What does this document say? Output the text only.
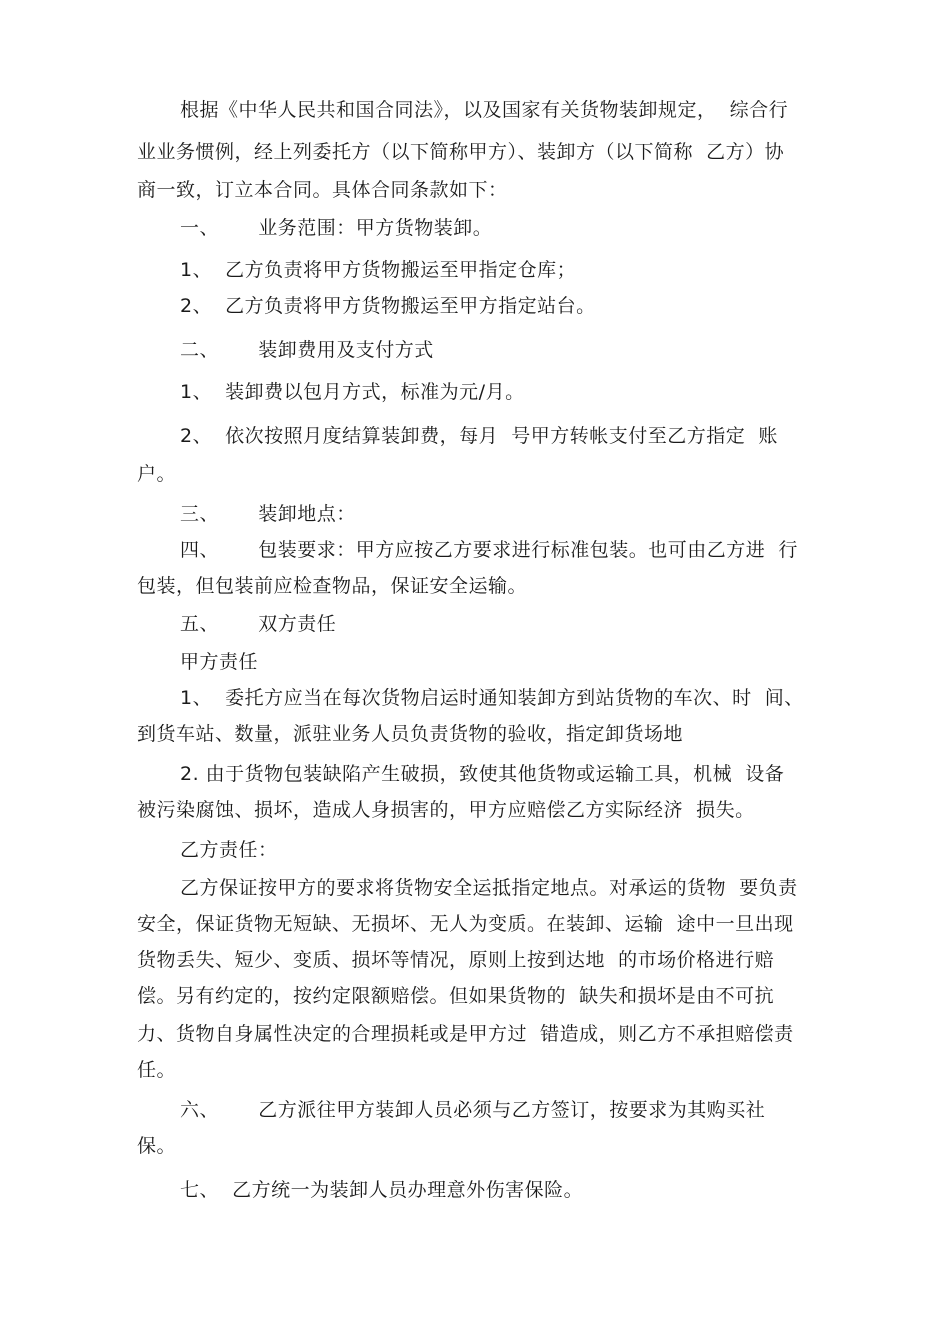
根据《中华人民共和国合同法》，以及国家有关货物装卸规定，  综合行
业业务惯例，经上列委托方（以下简称甲方）、装卸方（以下简称  乙方）协
商一致，订立本合同。具体合同条款如下：
一、      业务范围：甲方货物装卸。
1、  乙方负责将甲方货物搬运至甲指定仓库；
2、  乙方负责将甲方货物搬运至甲方指定站台。
二、      装卸费用及支付方式
1、  装卸费以包月方式，标准为元/月。
2、  依次按照月度结算装卸费，每月  号甲方转帐支付至乙方指定  账
户。
三、      装卸地点：
四、      包装要求：甲方应按乙方要求进行标准包装。也可由乙方进  行
包装，但包装前应检查物品，保证安全运输。
五、      双方责任
甲方责任
1、  委托方应当在每次货物启运时通知装卸方到站货物的车次、时  间、
到货车站、数量，派驻业务人员负责货物的验收，指定卸货场地
2. 由于货物包装缺陷产生破损，致使其他货物或运输工具，机械  设备
被污染腐蚀、损坏，造成人身损害的，甲方应赔偿乙方实际经济  损失。
乙方责任：
乙方保证按甲方的要求将货物安全运抵指定地点。对承运的货物  要负责
安全，保证货物无短缺、无损坏、无人为变质。在装卸、运输  途中一旦出现
货物丢失、短少、变质、损坏等情况，原则上按到达地  的市场价格进行赔
偿。另有约定的，按约定限额赔偿。但如果货物的  缺失和损坏是由不可抗
力、货物自身属性决定的合理损耗或是甲方过  错造成，则乙方不承担赔偿责
任。
六、      乙方派往甲方装卸人员必须与乙方签订，按要求为其购买社
保。
七、  乙方统一为装卸人员办理意外伤害保险。
